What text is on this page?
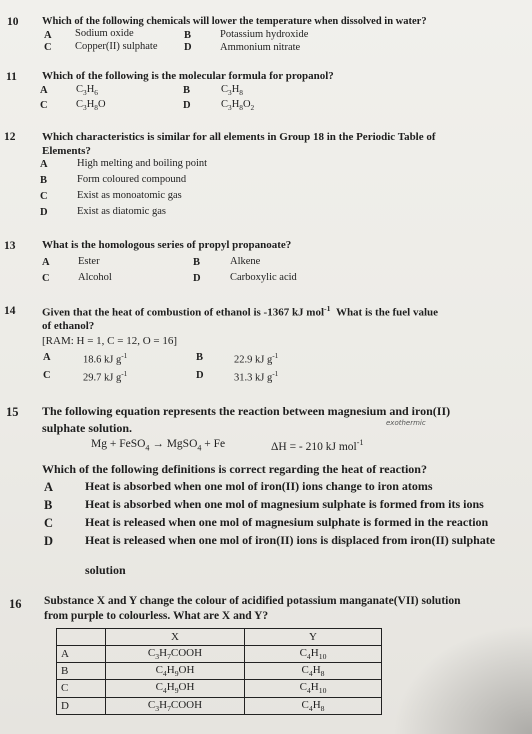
10 Which of the following chemicals will lower the temperature when dissolved in water?
A Sodium oxide	B	Potassium hydroxide
C Copper(II) sulphate	D	Ammonium nitrate
11 Which of the following is the molecular formula for propanol?
A	$C_3H_6$	B	$C_3H_8$
C	$C_3H_8O$	D	$C_3H_8O_2$
12 Which characteristics is similar for all elements in Group 18 in the Periodic Table of
Elements?
A	High melting and boiling point
B	Form coloured compound
C	Exist as monoatomic gas
D	Exist as diatomic gas
13 What is the homologous series of propyl propanoate?
A	Ester	B	Alkene
C	Alcohol	D	Carboxylic acid
14 Given that the heat of combustion of ethanol is -1367 kJ mol$^{-1}$ What is the fuel value
of ethanol?
[RAM: H = 1, C = 12, O = 16]
A	18.6 kJ $g^{-1}$	B	22.9 kJ $g^{-1}$
C	29.7 kJ $g^{-1}$	D	31.3 kJ $g^{-1}$
15 The following equation represents the reaction between magnesium and iron(II)
sulphate solution.	exothermic
Mg + FeSO$_4$ → MgSO$_4$ + Fe	ΔH = - 210 kJ mol$^{-1}$
Which of the following definitions is correct regarding the heat of reaction?
A	Heat is absorbed when one mol of iron(II) ions change to iron atoms
B	Heat is absorbed when one mol of magnesium sulphate is formed from its ions
C	Heat is released when one mol of magnesium sulphate is formed in the reaction
D	Heat is released when one mol of iron(II) ions is displaced from iron(II) sulphate
solution
16 Substance X and Y change the colour of acidified potassium manganate(VII) solution
from purple to colourless. What are X and Y?
	X	Y
A	$C_3H_7COOH$	$C_4H_{10}$
B	$C_4H_9OH$	$C_4H_8$
C	$C_4H_9OH$	$C_4H_{10}$
D	$C_3H_7COOH$	$C_4H_8$
